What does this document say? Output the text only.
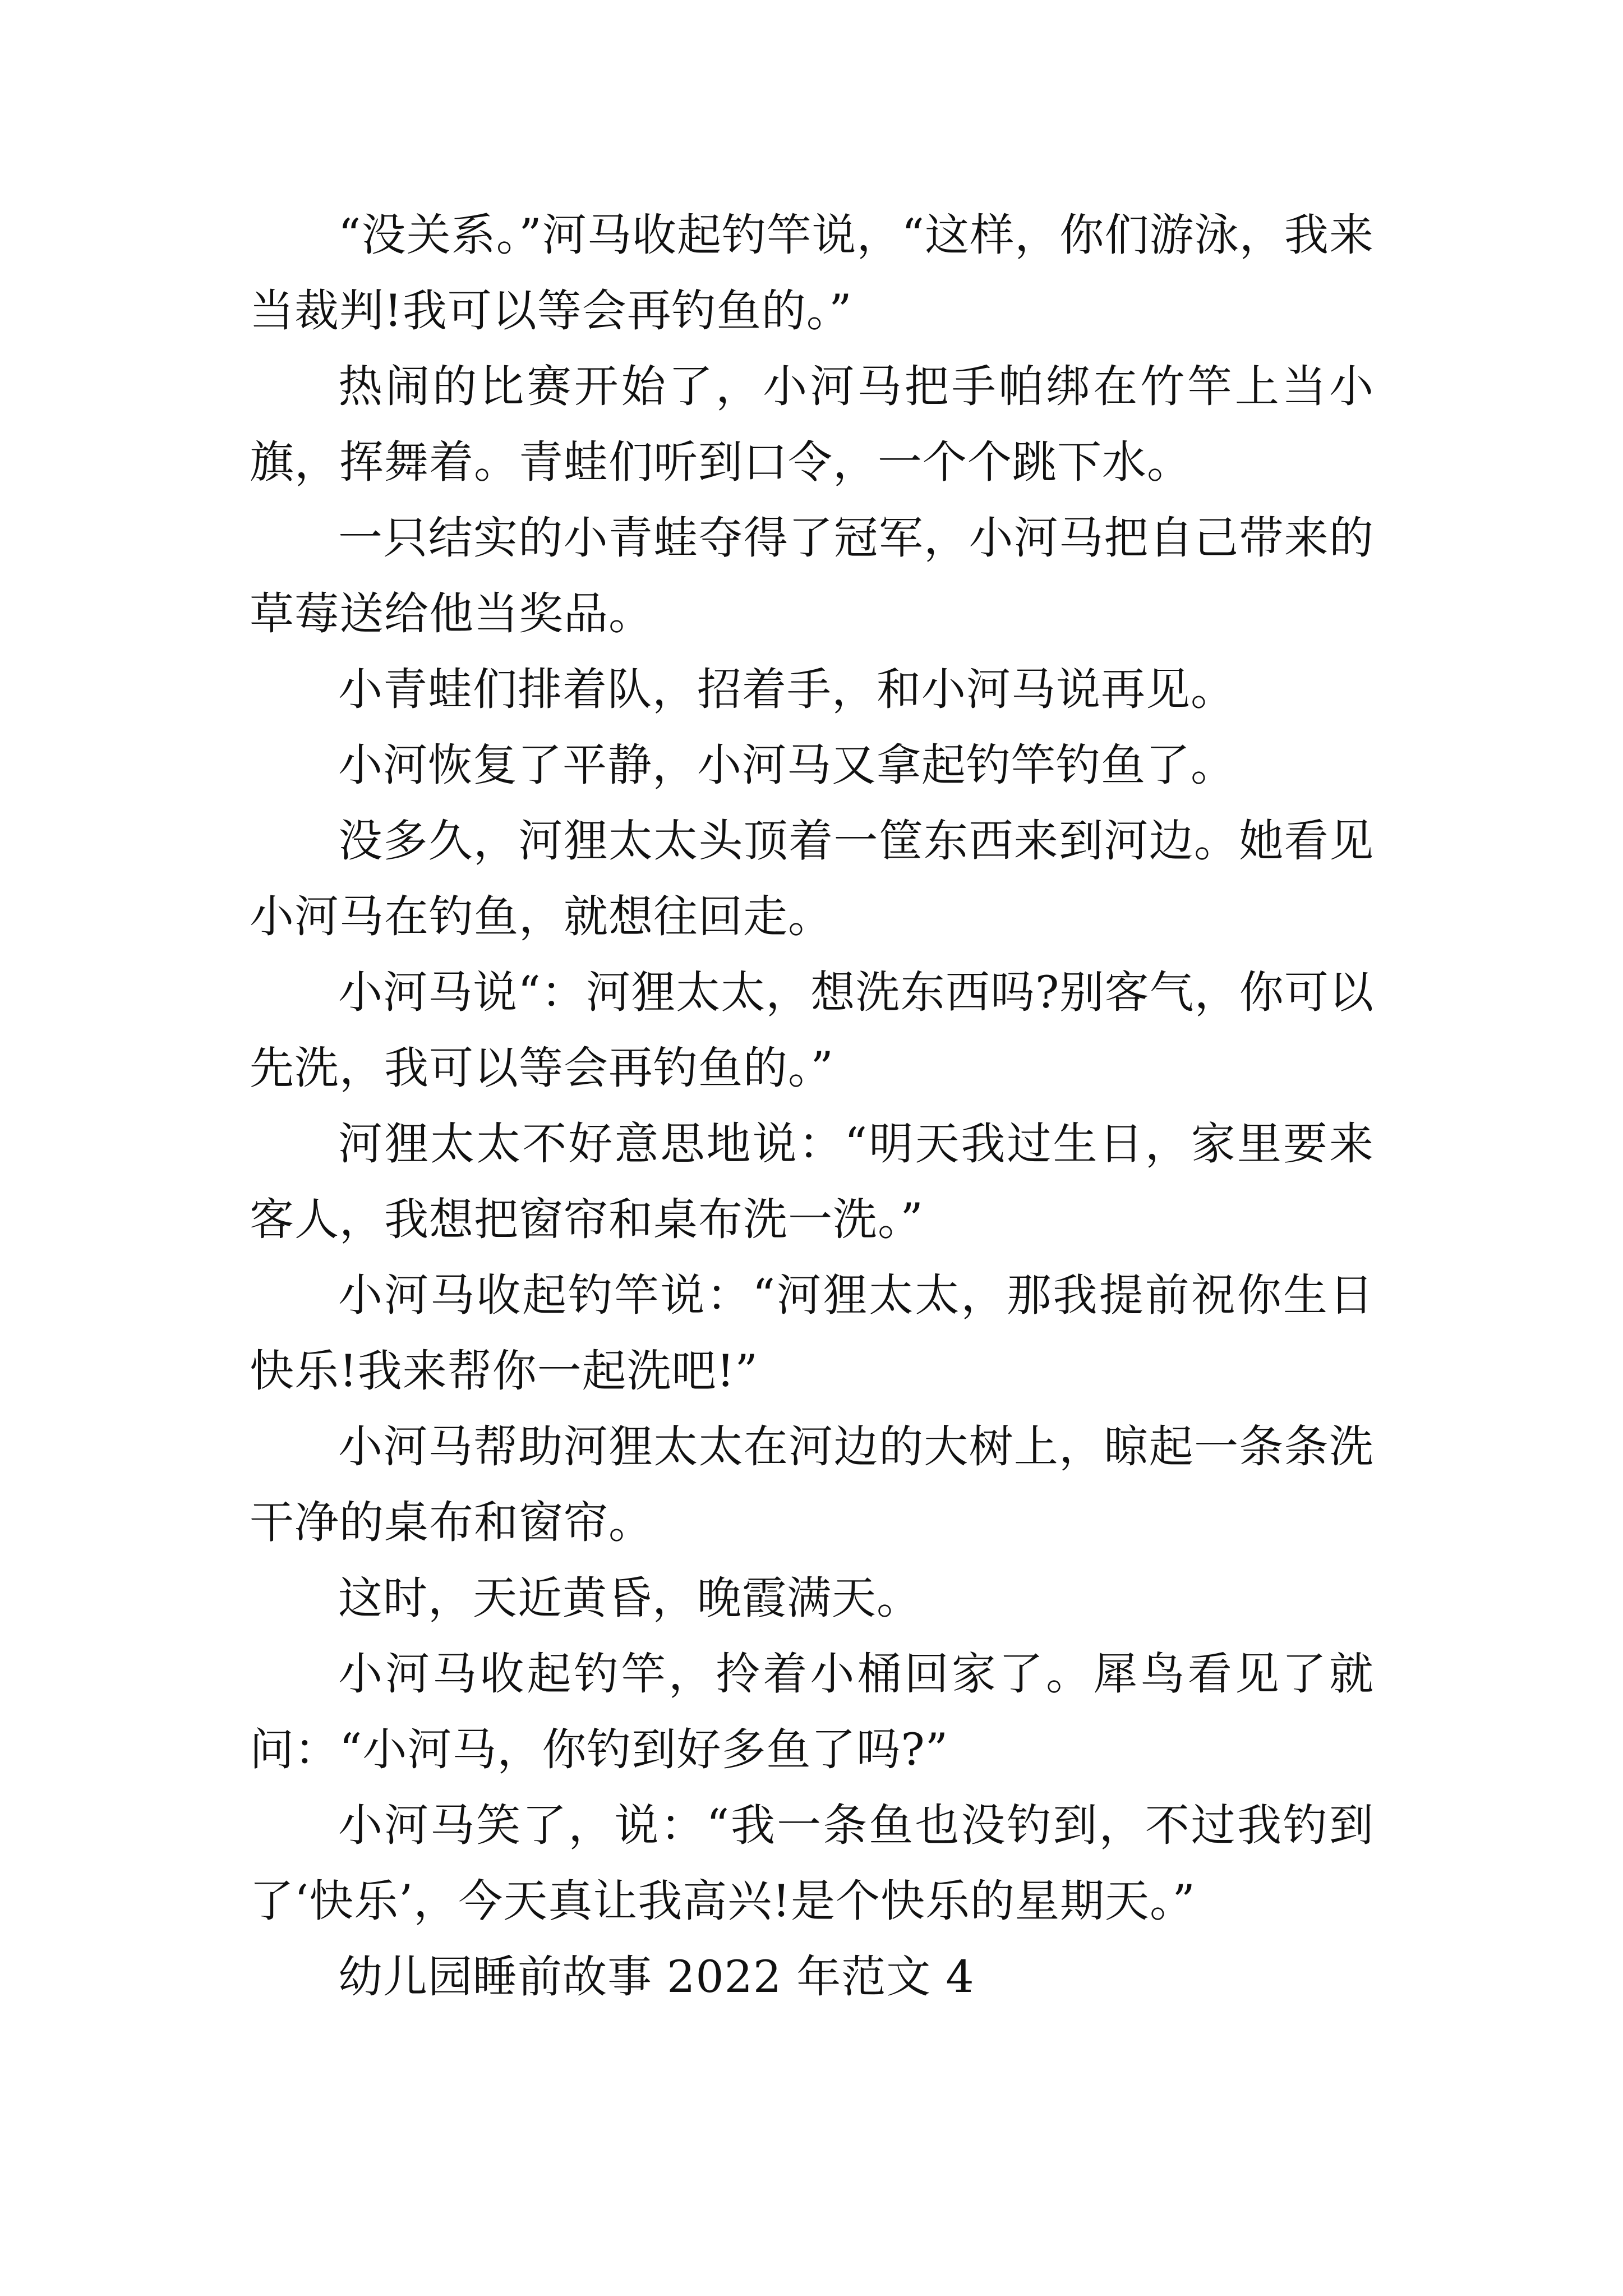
“没关系。”河马收起钓竿说，“这样，你们游泳，我来当裁判!我可以等会再钓鱼的。”

热闹的比赛开始了，小河马把手帕绑在竹竿上当小旗，挥舞着。青蛙们听到口令，一个个跳下水。

一只结实的小青蛙夺得了冠军，小河马把自己带来的草莓送给他当奖品。

小青蛙们排着队，招着手，和小河马说再见。

小河恢复了平静，小河马又拿起钓竿钓鱼了。

没多久，河狸太太头顶着一筐东西来到河边。她看见小河马在钓鱼，就想往回走。

小河马说“：河狸太太，想洗东西吗?别客气，你可以先洗，我可以等会再钓鱼的。”

河狸太太不好意思地说：“明天我过生日，家里要来客人，我想把窗帘和桌布洗一洗。”

小河马收起钓竿说：“河狸太太，那我提前祝你生日快乐!我来帮你一起洗吧!”

小河马帮助河狸太太在河边的大树上，晾起一条条洗干净的桌布和窗帘。

这时，天近黄昏，晚霞满天。

小河马收起钓竿，拎着小桶回家了。犀鸟看见了就问：“小河马，你钓到好多鱼了吗?”

小河马笑了，说：“我一条鱼也没钓到，不过我钓到了‘快乐’，今天真让我高兴!是个快乐的星期天。”

幼儿园睡前故事 2022 年范文 4
